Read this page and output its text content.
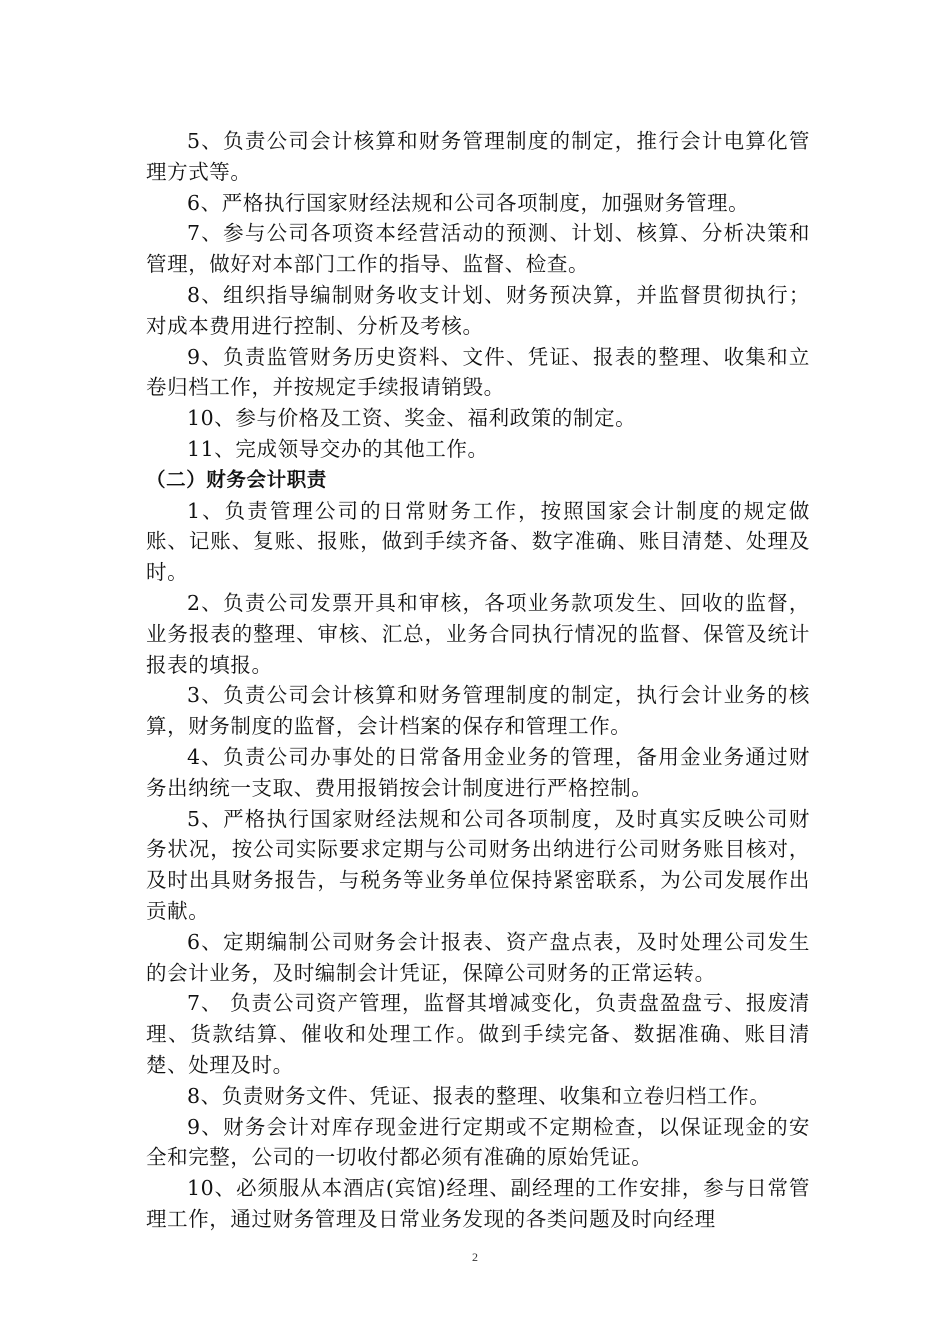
5、负责公司会计核算和财务管理制度的制定，推行会计电算化管理方式等。

6、严格执行国家财经法规和公司各项制度，加强财务管理。

7、参与公司各项资本经营活动的预测、计划、核算、分析决策和管理，做好对本部门工作的指导、监督、检查。

8、组织指导编制财务收支计划、财务预决算，并监督贯彻执行；对成本费用进行控制、分析及考核。

9、负责监管财务历史资料、文件、凭证、报表的整理、收集和立卷归档工作，并按规定手续报请销毁。

10、参与价格及工资、奖金、福利政策的制定。

11、完成领导交办的其他工作。

（二）财务会计职责

1、负责管理公司的日常财务工作，按照国家会计制度的规定做账、记账、复账、报账，做到手续齐备、数字准确、账目清楚、处理及时。

2、负责公司发票开具和审核，各项业务款项发生、回收的监督，业务报表的整理、审核、汇总，业务合同执行情况的监督、保管及统计报表的填报。

3、负责公司会计核算和财务管理制度的制定，执行会计业务的核算，财务制度的监督，会计档案的保存和管理工作。

4、负责公司办事处的日常备用金业务的管理，备用金业务通过财务出纳统一支取、费用报销按会计制度进行严格控制。

5、严格执行国家财经法规和公司各项制度，及时真实反映公司财务状况，按公司实际要求定期与公司财务出纳进行公司财务账目核对，及时出具财务报告，与税务等业务单位保持紧密联系，为公司发展作出贡献。

6、定期编制公司财务会计报表、资产盘点表，及时处理公司发生的会计业务，及时编制会计凭证，保障公司财务的正常运转。

7、 负责公司资产管理，监督其增减变化，负责盘盈盘亏、报废清理、货款结算、催收和处理工作。做到手续完备、数据准确、账目清楚、处理及时。

8、负责财务文件、凭证、报表的整理、收集和立卷归档工作。

9、财务会计对库存现金进行定期或不定期检查，以保证现金的安全和完整，公司的一切收付都必须有准确的原始凭证。

10、必须服从本酒店(宾馆)经理、副经理的工作安排，参与日常管理工作，通过财务管理及日常业务发现的各类问题及时向经理

2
